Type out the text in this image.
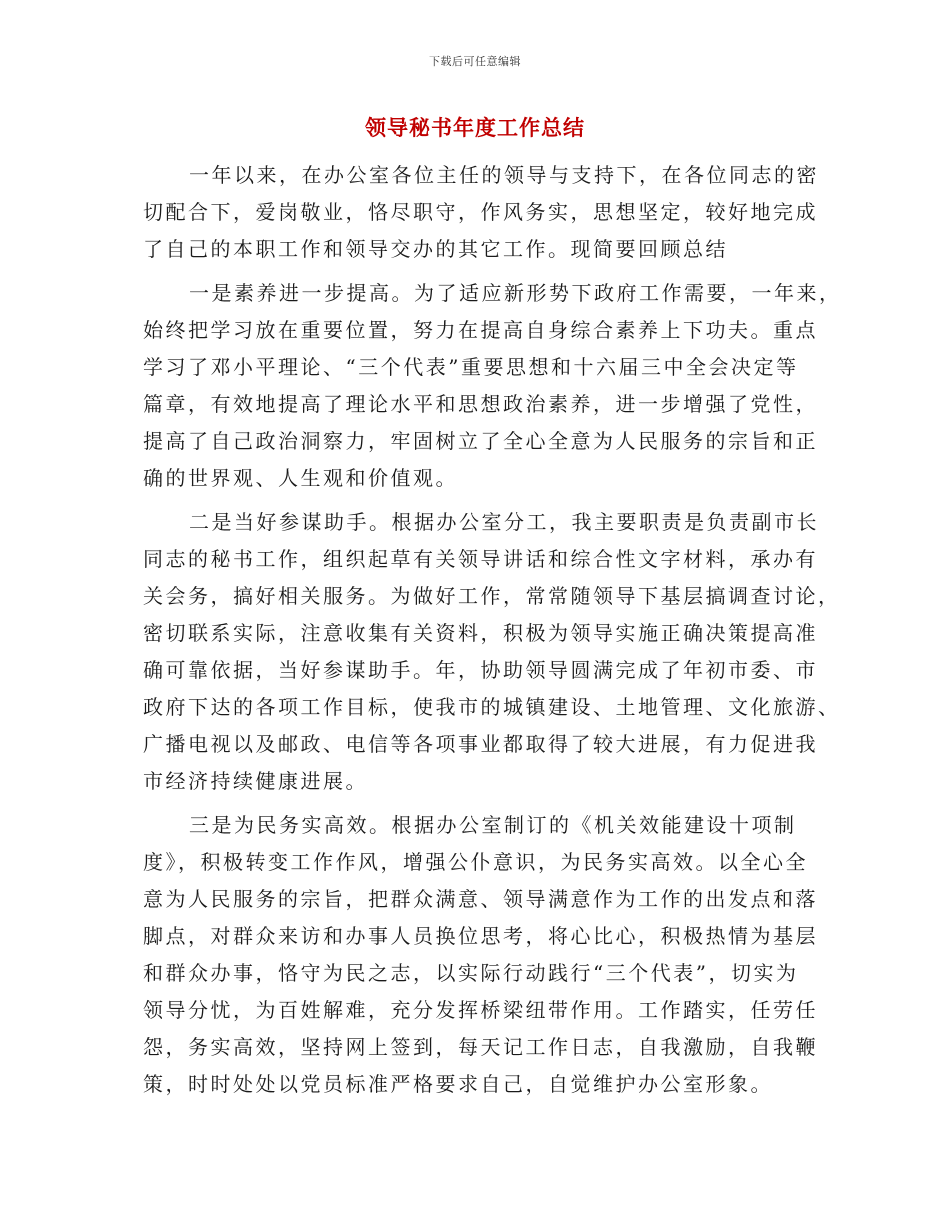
下载后可任意编辑
领导秘书年度工作总结

一年以来，在办公室各位主任的领导与支持下，在各位同志的密
切配合下，爱岗敬业，恪尽职守，作风务实，思想坚定，较好地完成
了自己的本职工作和领导交办的其它工作。现简要回顾总结

一是素养进一步提高。为了适应新形势下政府工作需要，一年来，
始终把学习放在重要位置，努力在提高自身综合素养上下功夫。重点
学习了邓小平理论、“三个代表”重要思想和十六届三中全会决定等
篇章，有效地提高了理论水平和思想政治素养，进一步增强了党性，
提高了自己政治洞察力，牢固树立了全心全意为人民服务的宗旨和正
确的世界观、人生观和价值观。

二是当好参谋助手。根据办公室分工，我主要职责是负责副市长
同志的秘书工作，组织起草有关领导讲话和综合性文字材料，承办有
关会务，搞好相关服务。为做好工作，常常随领导下基层搞调查讨论，
密切联系实际，注意收集有关资料，积极为领导实施正确决策提高准
确可靠依据，当好参谋助手。年，协助领导圆满完成了年初市委、市
政府下达的各项工作目标，使我市的城镇建设、土地管理、文化旅游、
广播电视以及邮政、电信等各项事业都取得了较大进展，有力促进我
市经济持续健康进展。

三是为民务实高效。根据办公室制订的《机关效能建设十项制
度》，积极转变工作作风，增强公仆意识，为民务实高效。以全心全
意为人民服务的宗旨，把群众满意、领导满意作为工作的出发点和落
脚点，对群众来访和办事人员换位思考，将心比心，积极热情为基层
和群众办事，恪守为民之志，以实际行动践行“三个代表”，切实为
领导分忧，为百姓解难，充分发挥桥梁纽带作用。工作踏实，任劳任
怨，务实高效，坚持网上签到，每天记工作日志，自我激励，自我鞭
策，时时处处以党员标准严格要求自己，自觉维护办公室形象。
